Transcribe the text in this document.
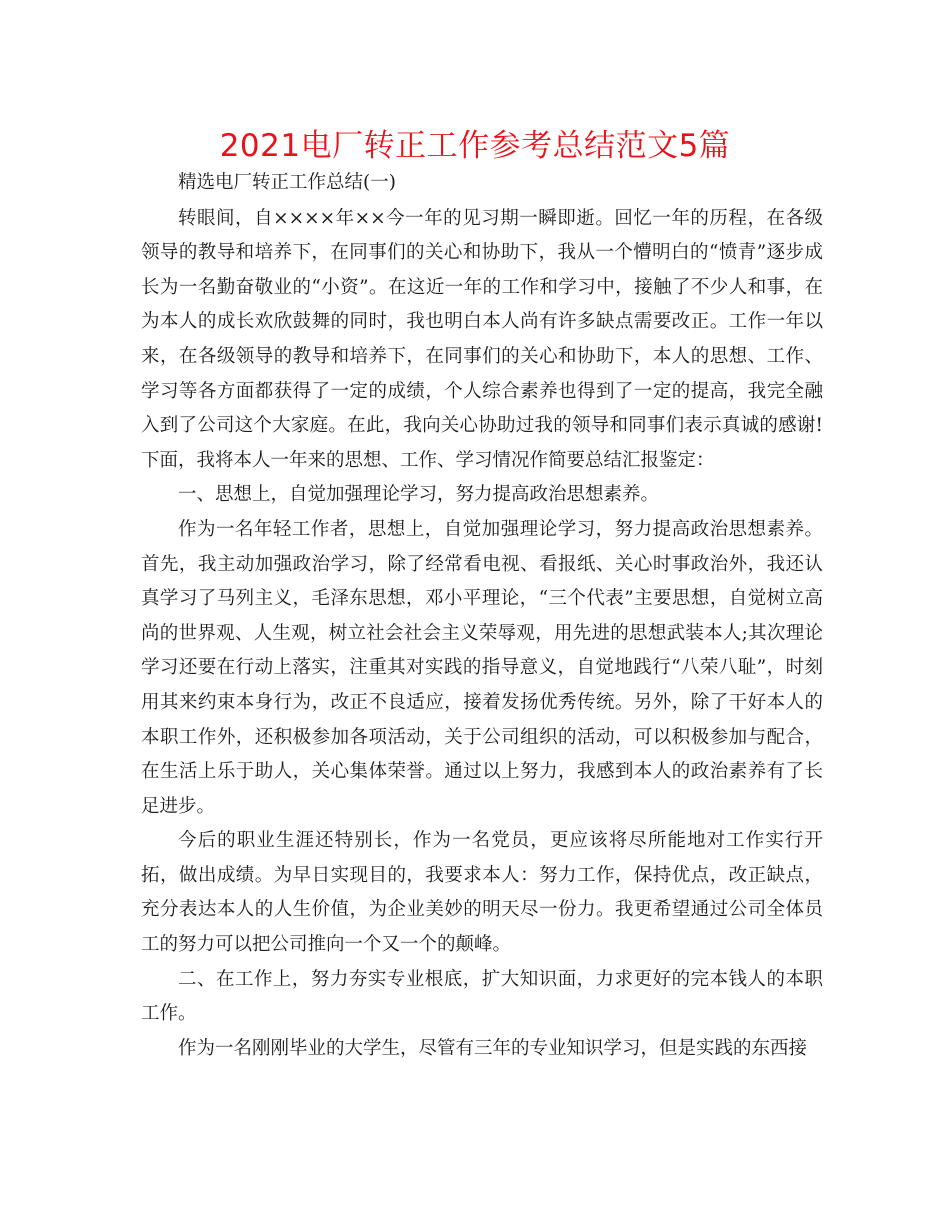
2021电厂转正工作参考总结范文5篇

精选电厂转正工作总结(一)

转眼间，自××××年××今一年的见习期一瞬即逝。回忆一年的历程，在各级领导的教导和培养下，在同事们的关心和协助下，我从一个懵明白的“愤青”逐步成长为一名勤奋敬业的“小资”。在这近一年的工作和学习中，接触了不少人和事，在为本人的成长欢欣鼓舞的同时，我也明白本人尚有许多缺点需要改正。工作一年以来，在各级领导的教导和培养下，在同事们的关心和协助下，本人的思想、工作、学习等各方面都获得了一定的成绩，个人综合素养也得到了一定的提高，我完全融入到了公司这个大家庭。在此，我向关心协助过我的领导和同事们表示真诚的感谢!下面，我将本人一年来的思想、工作、学习情况作简要总结汇报鉴定：

一、思想上，自觉加强理论学习，努力提高政治思想素养。

作为一名年轻工作者，思想上，自觉加强理论学习，努力提高政治思想素养。首先，我主动加强政治学习，除了经常看电视、看报纸、关心时事政治外，我还认真学习了马列主义，毛泽东思想，邓小平理论，“三个代表”主要思想，自觉树立高尚的世界观、人生观，树立社会社会主义荣辱观，用先进的思想武装本人;其次理论学习还要在行动上落实，注重其对实践的指导意义，自觉地践行“八荣八耻”，时刻用其来约束本身行为，改正不良适应，接着发扬优秀传统。另外，除了干好本人的本职工作外，还积极参加各项活动，关于公司组织的活动，可以积极参加与配合，在生活上乐于助人，关心集体荣誉。通过以上努力，我感到本人的政治素养有了长足进步。

今后的职业生涯还特别长，作为一名党员，更应该将尽所能地对工作实行开拓，做出成绩。为早日实现目的，我要求本人：努力工作，保持优点，改正缺点，充分表达本人的人生价值，为企业美妙的明天尽一份力。我更希望通过公司全体员工的努力可以把公司推向一个又一个的颠峰。

二、在工作上，努力夯实专业根底，扩大知识面，力求更好的完本钱人的本职工作。

作为一名刚刚毕业的大学生，尽管有三年的专业知识学习，但是实践的东西接
